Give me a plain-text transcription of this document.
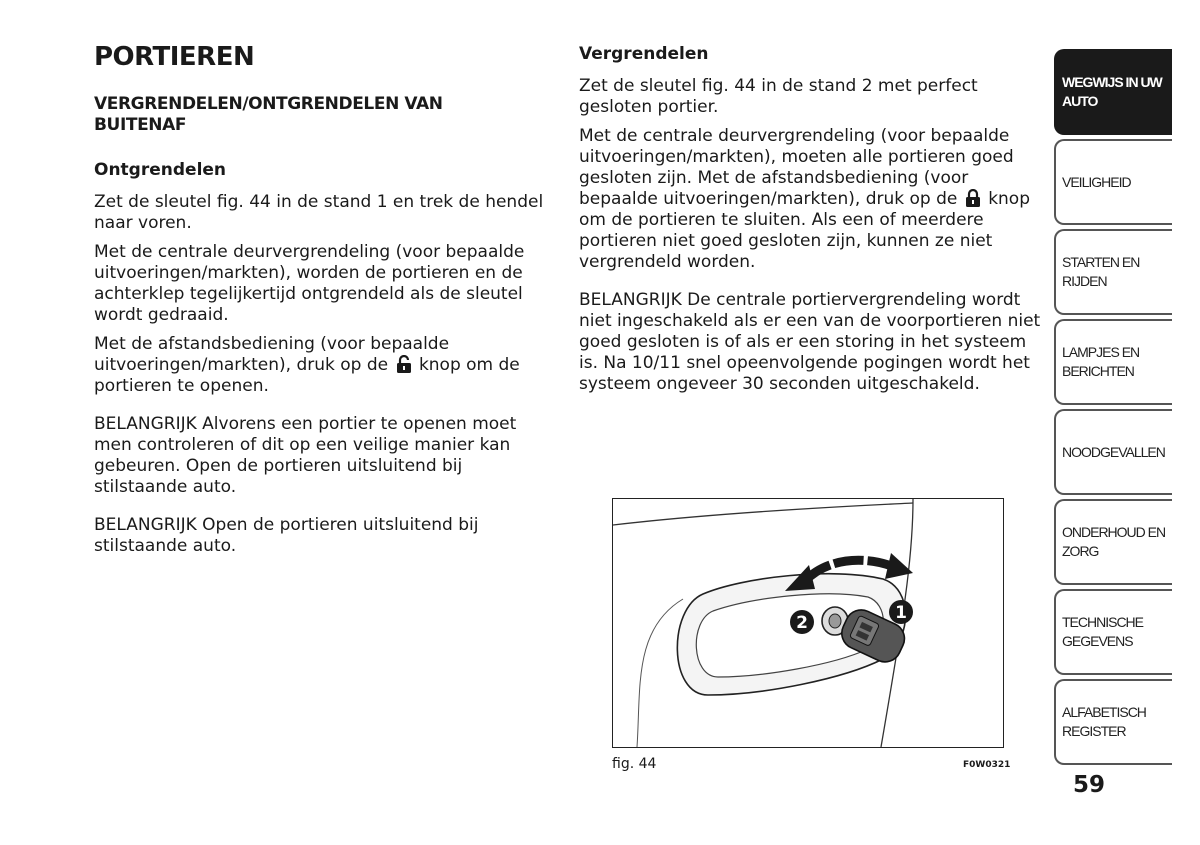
PORTIEREN
VERGRENDELEN/ONTGRENDELEN VAN BUITENAF

Ontgrendelen

Zet de sleutel fig. 44 in de stand 1 en trek de hendel naar voren.

Met de centrale deurvergrendeling (voor bepaalde uitvoeringen/markten), worden de portieren en de achterklep tegelijkertijd ontgrendeld als de sleutel wordt gedraaid.

Met de afstandsbediening (voor bepaalde uitvoeringen/markten), druk op de knop om de portieren te openen.

BELANGRIJK Alvorens een portier te openen moet men controleren of dit op een veilige manier kan gebeuren. Open de portieren uitsluitend bij stilstaande auto.

BELANGRIJK Open de portieren uitsluitend bij stilstaande auto.

Vergrendelen

Zet de sleutel fig. 44 in de stand 2 met perfect gesloten portier.

Met de centrale deurvergrendeling (voor bepaalde uitvoeringen/markten), moeten alle portieren goed gesloten zijn. Met de afstandsbediening (voor bepaalde uitvoeringen/markten), druk op de knop om de portieren te sluiten. Als een of meerdere portieren niet goed gesloten zijn, kunnen ze niet vergrendeld worden.

BELANGRIJK De centrale portiervergrendeling wordt niet ingeschakeld als er een van de voorportieren niet goed gesloten is of als er een storing in het systeem is. Na 10/11 snel opeenvolgende pogingen wordt het systeem ongeveer 30 seconden uitgeschakeld.

2	1
fig. 44	F0W0321
WEGWIJS IN UW
AUTO
VEILIGHEID
STARTEN EN RIJDEN
LAMPJES EN
BERICHTEN
NOODGEVALLEN
ONDERHOUD EN
ZORG
TECHNISCHE
GEGEVENS
ALFABETISCH
REGISTER
59
